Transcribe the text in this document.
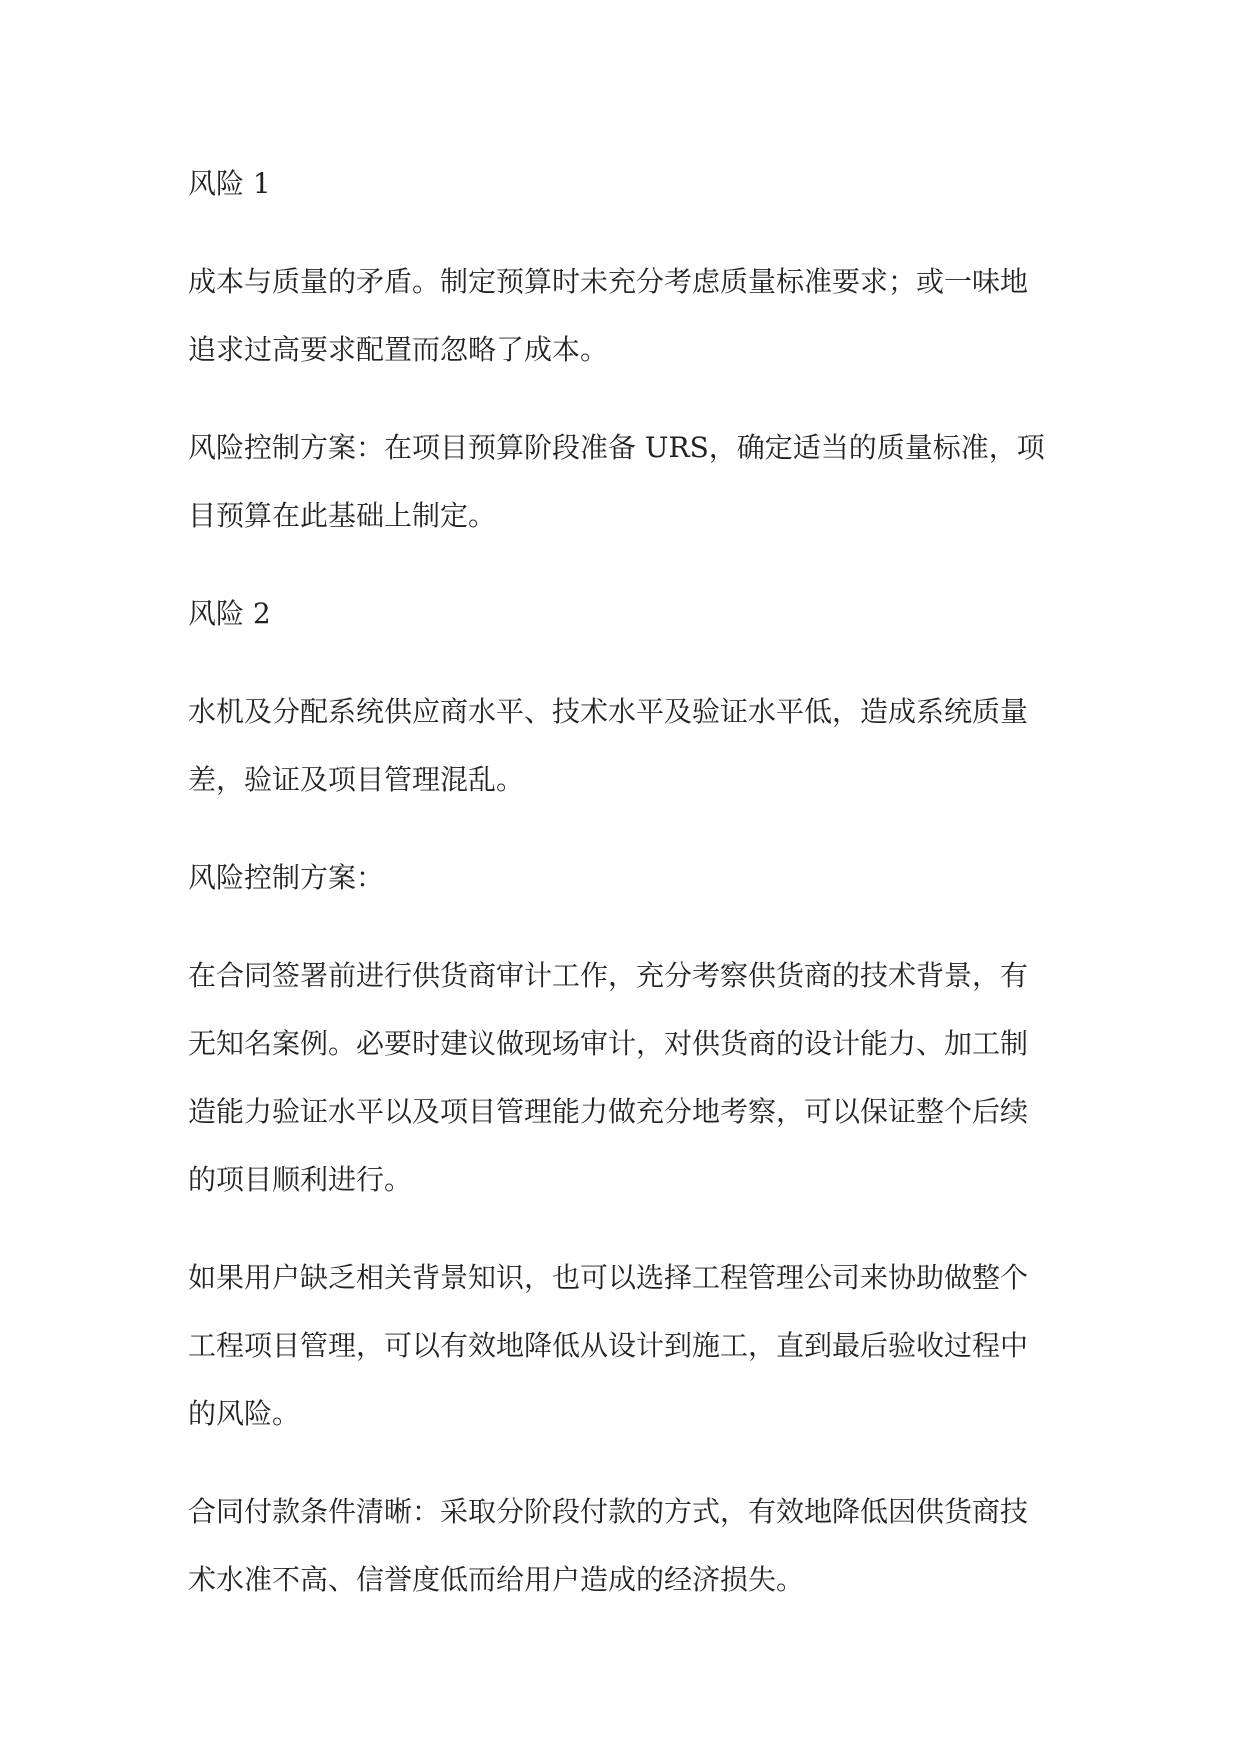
风险 1
成本与质量的矛盾。制定预算时未充分考虑质量标准要求；或一味地
追求过高要求配置而忽略了成本。
风险控制方案：在项目预算阶段准备 URS，确定适当的质量标准，项
目预算在此基础上制定。
风险 2
水机及分配系统供应商水平、技术水平及验证水平低，造成系统质量
差，验证及项目管理混乱。
风险控制方案：
在合同签署前进行供货商审计工作，充分考察供货商的技术背景，有
无知名案例。必要时建议做现场审计，对供货商的设计能力、加工制
造能力验证水平以及项目管理能力做充分地考察，可以保证整个后续
的项目顺利进行。
如果用户缺乏相关背景知识，也可以选择工程管理公司来协助做整个
工程项目管理，可以有效地降低从设计到施工，直到最后验收过程中
的风险。
合同付款条件清晰：采取分阶段付款的方式，有效地降低因供货商技
术水准不高、信誉度低而给用户造成的经济损失。
